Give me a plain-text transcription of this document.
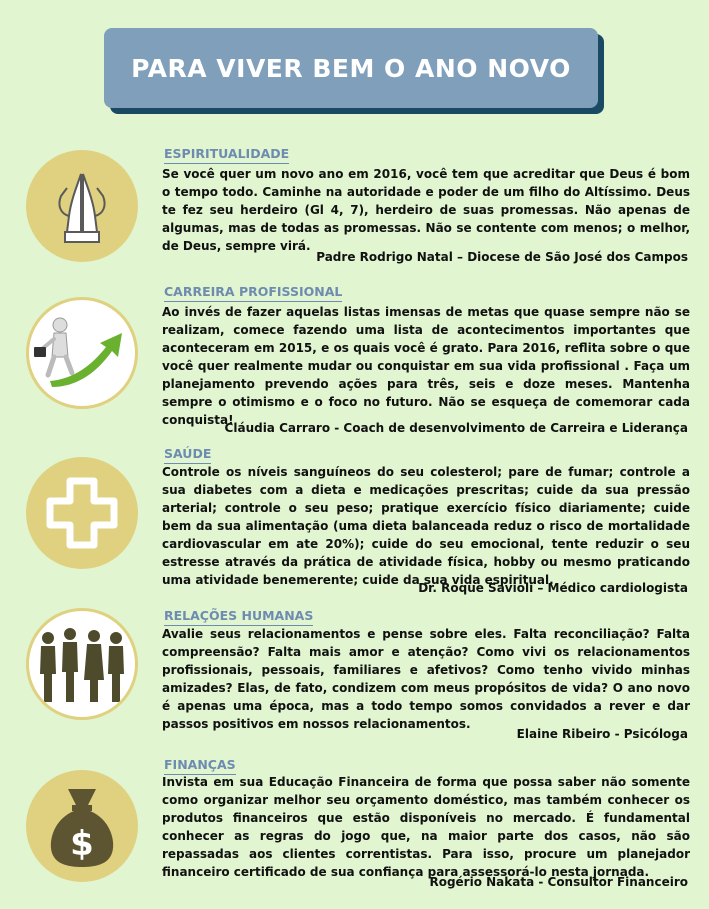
PARA VIVER BEM O ANO NOVO
ESPIRITUALIDADE

Se você quer um novo ano em 2016, você tem que acreditar que Deus é bom o tempo todo. Caminhe na autoridade e poder de um filho do Altíssimo. Deus te fez seu herdeiro (Gl 4, 7), herdeiro de suas promessas. Não apenas de algumas, mas de todas as promessas. Não se contente com menos; o melhor, de Deus, sempre virá.

Padre Rodrigo Natal – Diocese de São José dos Campos

CARREIRA PROFISSIONAL

Ao invés de fazer aquelas listas imensas de metas que quase sempre não se realizam, comece fazendo uma lista de acontecimentos importantes que aconteceram em 2015, e os quais você é grato. Para 2016, reflita sobre o que você quer realmente mudar ou conquistar em sua vida profissional . Faça um planejamento prevendo ações para três, seis e doze meses. Mantenha sempre o otimismo e o foco no futuro. Não se esqueça de comemorar cada conquista!

Cláudia Carraro - Coach de desenvolvimento de Carreira e Liderança

SAÚDE

Controle os níveis sanguíneos do seu colesterol; pare de fumar; controle a sua diabetes com a dieta e medicações prescritas; cuide da sua pressão arterial; controle o seu peso; pratique exercício físico diariamente; cuide bem da sua alimentação (uma dieta balanceada reduz o risco de mortalidade cardiovascular em ate 20%); cuide do seu emocional, tente reduzir o seu estresse através da prática de atividade física, hobby ou mesmo praticando uma atividade benemerente; cuide da sua vida espiritual.

Dr. Roque Savioli – Médico cardiologista

RELAÇÕES HUMANAS

Avalie seus relacionamentos e pense sobre eles. Falta reconciliação? Falta compreensão? Falta mais amor e atenção? Como vivi os relacionamentos profissionais, pessoais, familiares e afetivos? Como tenho vivido minhas amizades? Elas, de fato, condizem com meus propósitos de vida? O ano novo é apenas uma época, mas a todo tempo somos convidados a rever e dar passos positivos em nossos relacionamentos.

Elaine Ribeiro - Psicóloga

$
FINANÇAS

Invista em sua Educação Financeira de forma que possa saber não somente como organizar melhor seu orçamento doméstico, mas também conhecer os produtos financeiros que estão disponíveis no mercado. É fundamental conhecer as regras do jogo que, na maior parte dos casos, não são repassadas aos clientes correntistas. Para isso, procure um planejador financeiro certificado de sua confiança para assessorá-lo nesta jornada.

Rogério Nakata - Consultor Financeiro
